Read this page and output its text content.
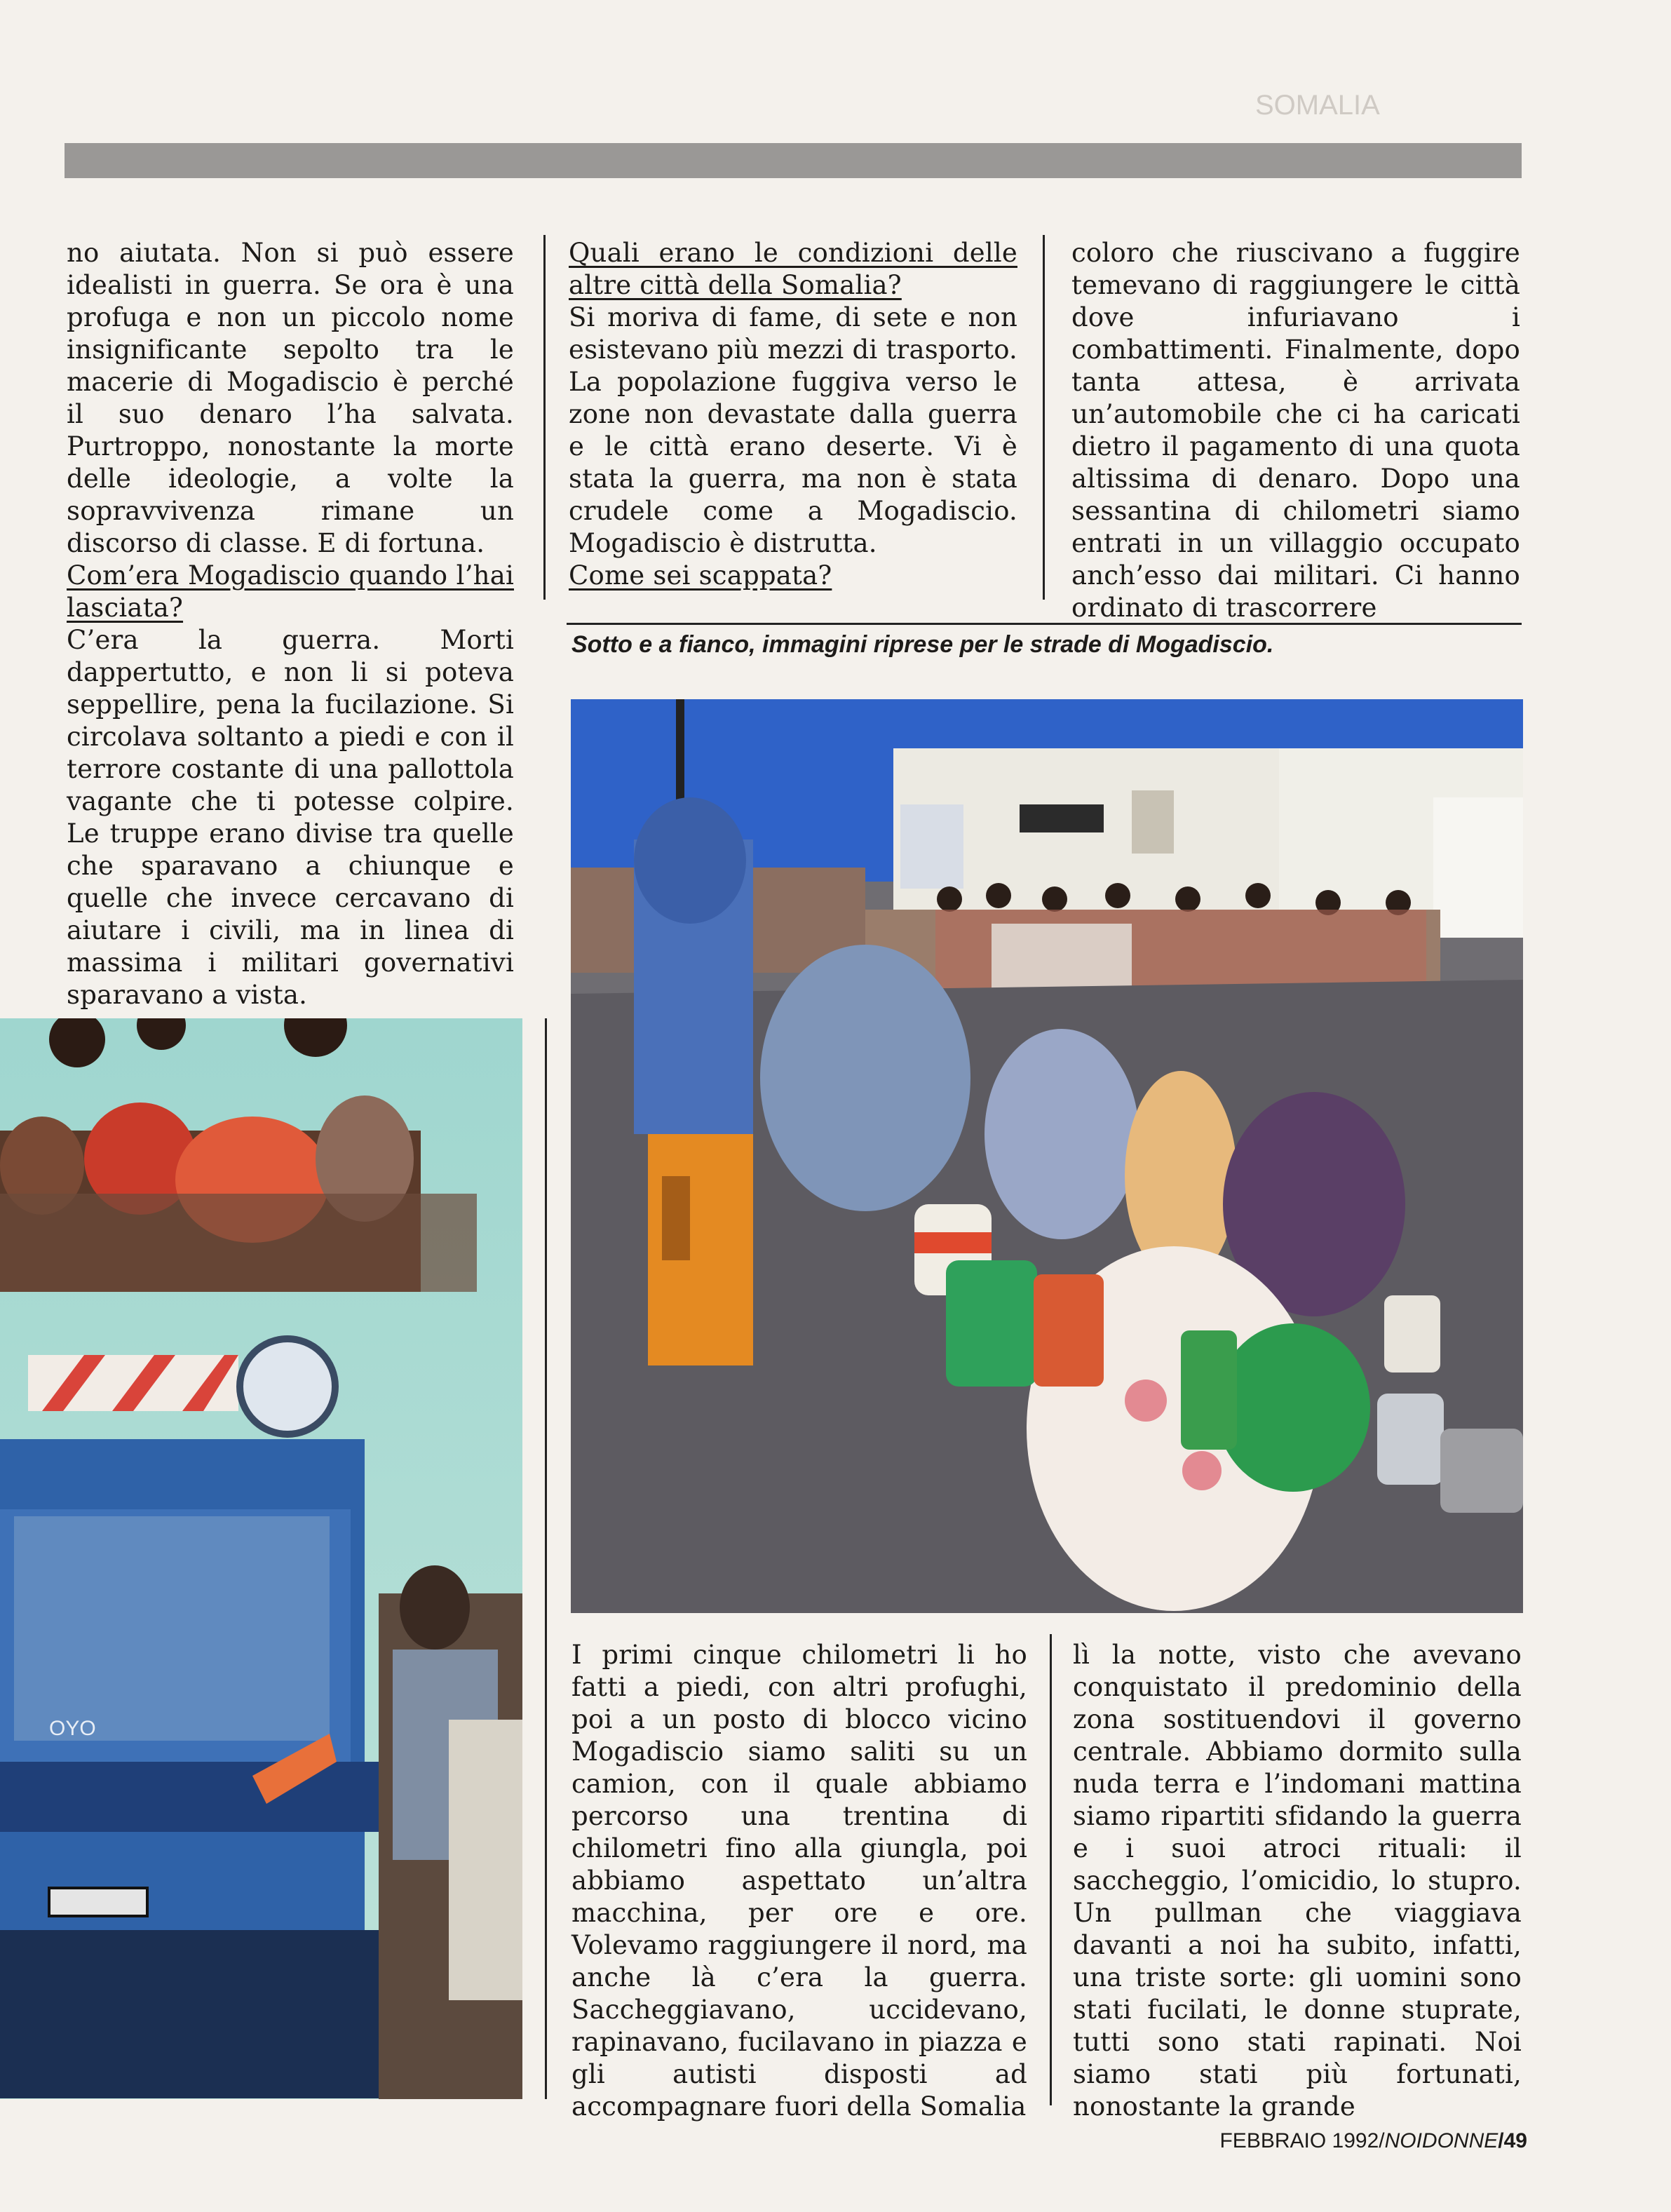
SOMALIA

no aiutata. Non si può essere idealisti in guerra. Se ora è una profuga e non un piccolo nome insignificante sepolto tra le macerie di Mogadiscio è perché il suo denaro l’ha salvata. Purtroppo, nonostante la morte delle ideologie, a volte la sopravvivenza rimane un discorso di classe. E di fortuna.

Com’era Mogadiscio quando l’hai lasciata?

C’era la guerra. Morti dappertutto, e non li si poteva seppellire, pena la fucilazione. Si circolava soltanto a piedi e con il terrore costante di una pallottola vagante che ti potesse colpire. Le truppe erano divise tra quelle che sparavano a chiunque e quelle che invece cercavano di aiutare i civili, ma in linea di massima i militari governativi sparavano a vista.

Quali erano le condizioni delle altre città della Somalia?

Si moriva di fame, di sete e non esistevano più mezzi di trasporto. La popolazione fuggiva verso le zone non devastate dalla guerra e le città erano deserte. Vi è stata la guerra, ma non è stata crudele come a Mogadiscio. Mogadiscio è distrutta.

Come sei scappata?

coloro che riuscivano a fuggire temevano di raggiungere le città dove infuriavano i combattimenti. Finalmente, dopo tanta attesa, è arrivata un’automobile che ci ha caricati dietro il pagamento di una quota altissima di denaro. Dopo una sessantina di chilometri siamo entrati in un villaggio occupato anch’esso dai militari. Ci hanno ordinato di trascorrere

Sotto e a fianco, immagini riprese per le strade di Mogadiscio.
OYO

I primi cinque chilometri li ho fatti a piedi, con altri profughi, poi a un posto di blocco vicino Mogadiscio siamo saliti su un camion, con il quale abbiamo percorso una trentina di chilometri fino alla giungla, poi abbiamo aspettato un’altra macchina, per ore e ore. Volevamo raggiungere il nord, ma anche là c’era la guerra. Saccheggiavano, uccidevano, rapinavano, fucilavano in piazza e gli autisti disposti ad accompagnare fuori della Somalia

lì la notte, visto che avevano conquistato il predominio della zona sostituendovi il governo centrale. Abbiamo dormito sulla nuda terra e l’indomani mattina siamo ripartiti sfidando la guerra e i suoi atroci rituali: il saccheggio, l’omicidio, lo stupro. Un pullman che viaggiava davanti a noi ha subito, infatti, una triste sorte: gli uomini sono stati fucilati, le donne stuprate, tutti sono stati rapinati. Noi siamo stati più fortunati, nonostante la grande

FEBBRAIO 1992/NOIDONNE/49
